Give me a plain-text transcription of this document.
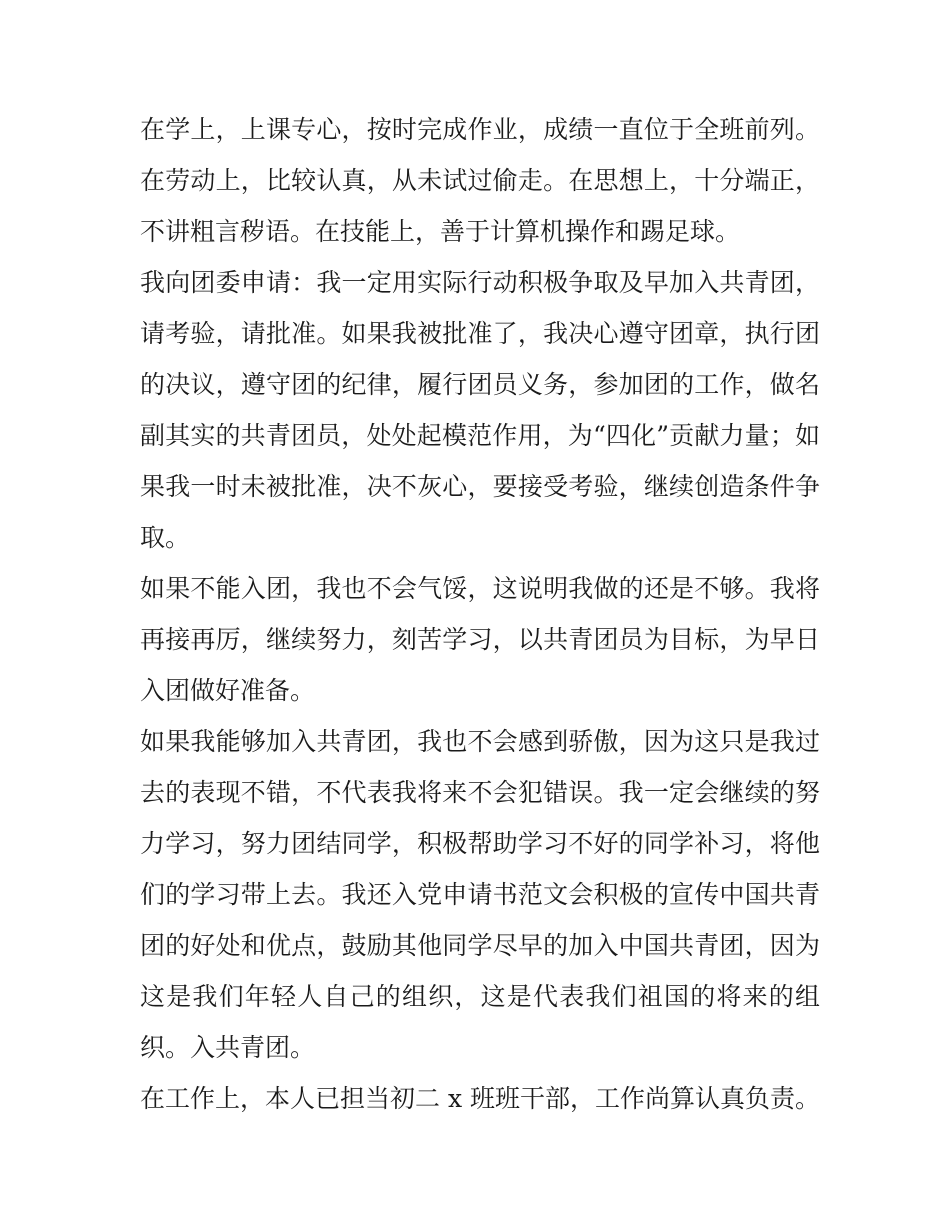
在学上，上课专心，按时完成作业，成绩一直位于全班前列。在劳动上，比较认真，从未试过偷走。在思想上，十分端正，不讲粗言秽语。在技能上，善于计算机操作和踢足球。

我向团委申请：我一定用实际行动积极争取及早加入共青团，请考验，请批准。如果我被批准了，我决心遵守团章，执行团的决议，遵守团的纪律，履行团员义务，参加团的工作，做名副其实的共青团员，处处起模范作用，为“四化”贡献力量；如果我一时未被批准，决不灰心，要接受考验，继续创造条件争取。

如果不能入团，我也不会气馁，这说明我做的还是不够。我将再接再厉，继续努力，刻苦学习，以共青团员为目标，为早日入团做好准备。

如果我能够加入共青团，我也不会感到骄傲，因为这只是我过去的表现不错，不代表我将来不会犯错误。我一定会继续的努力学习，努力团结同学，积极帮助学习不好的同学补习，将他们的学习带上去。我还入党申请书范文会积极的宣传中国共青团的好处和优点，鼓励其他同学尽早的加入中国共青团，因为这是我们年轻人自己的组织，这是代表我们祖国的将来的组织。入共青团。

在工作上，本人已担当初二 x 班班干部，工作尚算认真负责。
